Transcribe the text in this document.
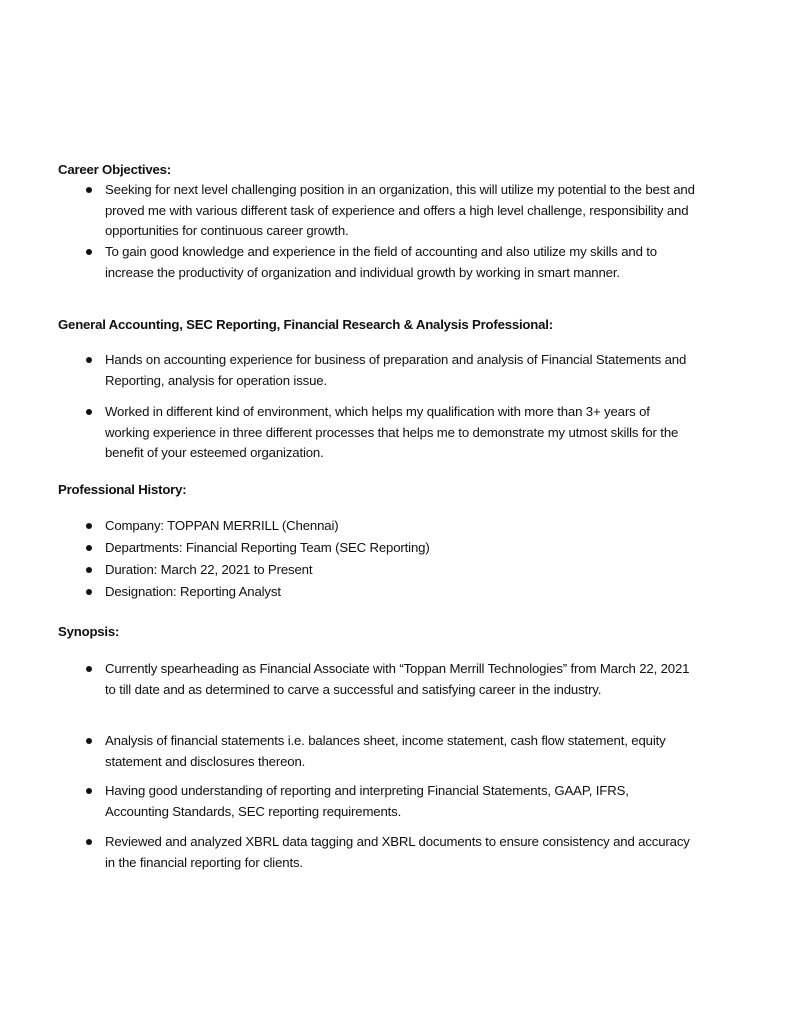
Career Objectives:
Seeking for next level challenging position in an organization, this will utilize my potential to the best and proved me with various different task of experience and offers a high level challenge, responsibility and opportunities for continuous career growth.
To gain good knowledge and experience in the field of accounting and also utilize my skills and to increase the productivity of organization and individual growth by working in smart manner.
General Accounting, SEC Reporting, Financial Research & Analysis Professional:
Hands on accounting experience for business of preparation and analysis of Financial Statements and Reporting, analysis for operation issue.
Worked in different kind of environment, which helps my qualification with more than 3+ years of working experience in three different processes that helps me to demonstrate my utmost skills for the benefit of your esteemed organization.
Professional History:
Company: TOPPAN MERRILL (Chennai)
Departments: Financial Reporting Team (SEC Reporting)
Duration: March 22, 2021 to Present
Designation: Reporting Analyst
Synopsis:
Currently spearheading as Financial Associate with “Toppan Merrill Technologies” from March 22, 2021 to till date and as determined to carve a successful and satisfying career in the industry.
Analysis of financial statements i.e. balances sheet, income statement, cash flow statement, equity statement and disclosures thereon.
Having good understanding of reporting and interpreting Financial Statements, GAAP, IFRS, Accounting Standards, SEC reporting requirements.
Reviewed and analyzed XBRL data tagging and XBRL documents to ensure consistency and accuracy in the financial reporting for clients.
